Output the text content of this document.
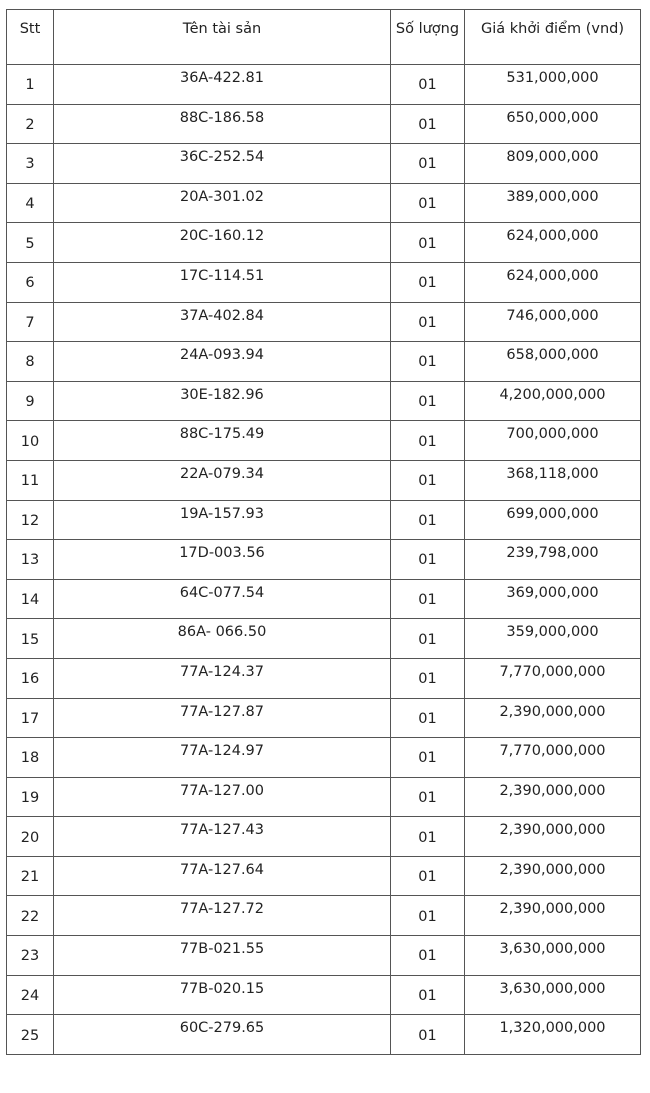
Stt	Tên tài sản	Số lượng	Giá khởi điểm (vnd)
1	36A-422.81	01	531,000,000
2	88C-186.58	01	650,000,000
3	36C-252.54	01	809,000,000
4	20A-301.02	01	389,000,000
5	20C-160.12	01	624,000,000
6	17C-114.51	01	624,000,000
7	37A-402.84	01	746,000,000
8	24A-093.94	01	658,000,000
9	30E-182.96	01	4,200,000,000
10	88C-175.49	01	700,000,000
11	22A-079.34	01	368,118,000
12	19A-157.93	01	699,000,000
13	17D-003.56	01	239,798,000
14	64C-077.54	01	369,000,000
15	86A- 066.50	01	359,000,000
16	77A-124.37	01	7,770,000,000
17	77A-127.87	01	2,390,000,000
18	77A-124.97	01	7,770,000,000
19	77A-127.00	01	2,390,000,000
20	77A-127.43	01	2,390,000,000
21	77A-127.64	01	2,390,000,000
22	77A-127.72	01	2,390,000,000
23	77B-021.55	01	3,630,000,000
24	77B-020.15	01	3,630,000,000
25	60C-279.65	01	1,320,000,000
